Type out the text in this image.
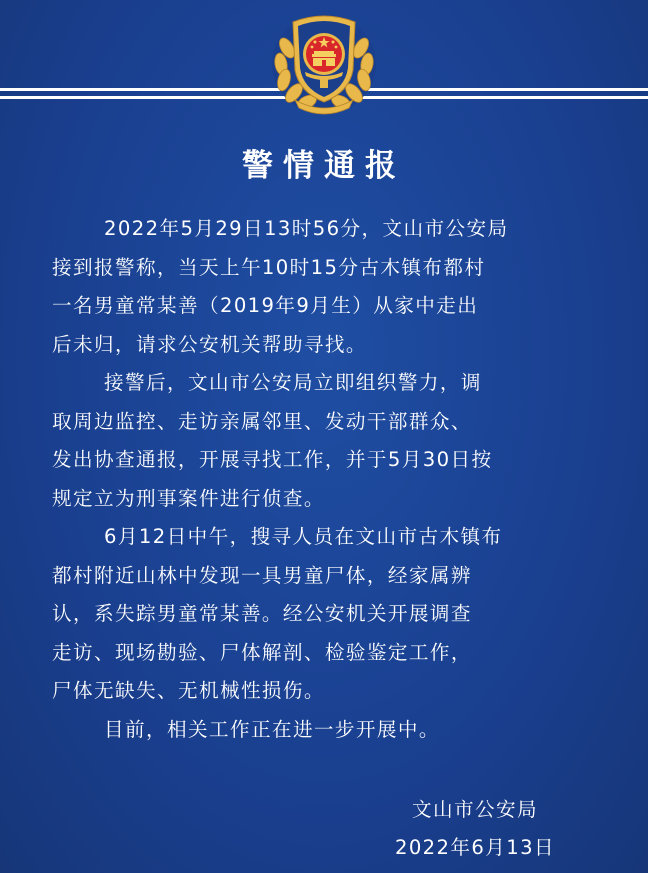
警情通报
2022年5月29日13时56分，文山市公安局
接到报警称，当天上午10时15分古木镇布都村
一名男童常某善（2019年9月生）从家中走出
后未归，请求公安机关帮助寻找。
接警后，文山市公安局立即组织警力，调
取周边监控、走访亲属邻里、发动干部群众、
发出协查通报，开展寻找工作，并于5月30日按
规定立为刑事案件进行侦查。
6月12日中午，搜寻人员在文山市古木镇布
都村附近山林中发现一具男童尸体，经家属辨
认，系失踪男童常某善。经公安机关开展调查
走访、现场勘验、尸体解剖、检验鉴定工作，
尸体无缺失、无机械性损伤。
目前，相关工作正在进一步开展中。
文山市公安局
2022年6月13日
